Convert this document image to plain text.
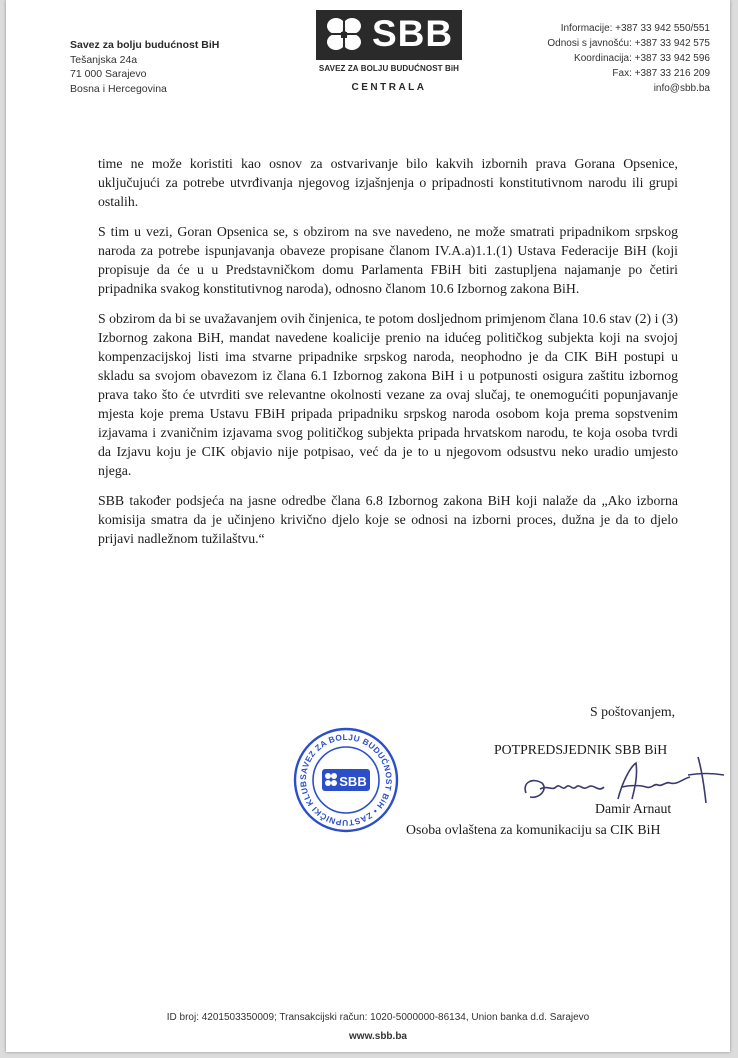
Savez za bolju budućnost BiH
Tešanjska 24a
71 000 Sarajevo
Bosna i Hercegovina
SBB
SAVEZ ZA BOLJU BUDUĆNOST BiH
CENTRALA
Informacije: +387 33 942 550/551
Odnosi s javnošću: +387 33 942 575
Koordinacija: +387 33 942 596
Fax: +387 33 216 209
info@sbb.ba

time ne može koristiti kao osnov za ostvarivanje bilo kakvih izbornih prava Gorana Opsenice, uključujući za potrebe utvrđivanja njegovog izjašnjenja o pripadnosti konstitutivnom narodu ili grupi ostalih.

S tim u vezi, Goran Opsenica se, s obzirom na sve navedeno, ne može smatrati pripadnikom srpskog naroda za potrebe ispunjavanja obaveze propisane članom IV.A.a)1.1.(1) Ustava Federacije BiH (koji propisuje da će u u Predstavničkom domu Parlamenta FBiH biti zastupljena najamanje po četiri pripadnika svakog konstitutivnog naroda), odnosno članom 10.6 Izbornog zakona BiH.

S obzirom da bi se uvažavanjem ovih činjenica, te potom dosljednom primjenom člana 10.6 stav (2) i (3) Izbornog zakona BiH, mandat navedene koalicije prenio na idućeg političkog subjekta koji na svojoj kompenzacijskoj listi ima stvarne pripadnike srpskog naroda, neophodno je da CIK BiH postupi u skladu sa svojom obavezom iz člana 6.1 Izbornog zakona BiH i u potpunosti osigura zaštitu izbornog prava tako što će utvrditi sve relevantne okolnosti vezane za ovaj slučaj, te onemogućiti popunjavanje mjesta koje prema Ustavu FBiH pripada pripadniku srpskog naroda osobom koja prema sopstvenim izjavama i zvaničnim izjavama svog političkog subjekta pripada hrvatskom narodu, te koja osoba tvrdi da Izjavu koju je CIK objavio nije potpisao, već da je to u njegovom odsustvu neko uradio umjesto njega.

SBB također podsjeća na jasne odredbe člana 6.8 Izbornog zakona BiH koji nalaže da „Ako izborna komisija smatra da je učinjeno krivično djelo koje se odnosi na izborni proces, dužna je da to djelo prijavi nadležnom tužilaštvu.“

S poštovanjem,
POTPREDSJEDNIK SBB BiH
Damir Arnaut
Osoba ovlaštena za komunikaciju sa CIK BiH
SAVEZ ZA BOLJU BUDUĆNOST BiH • ZASTUPNIČKI KLUB	SBB
ID broj: 4201503350009; Transakcijski račun: 1020-5000000-86134, Union banka d.d. Sarajevo
www.sbb.ba
